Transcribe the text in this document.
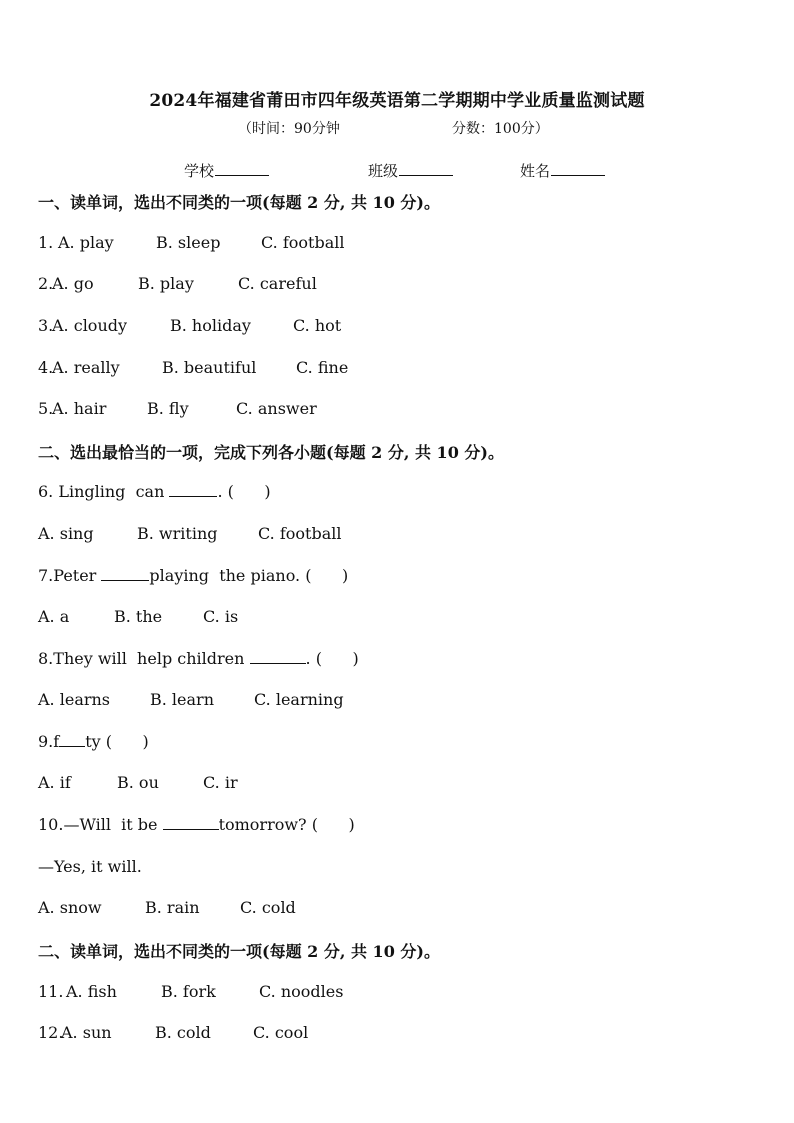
2024年福建省莆田市四年级英语第二学期期中学业质量监测试题
（时间：90分钟	分数：100分）
学校	班级	姓名
一、读单词，选出不同类的一项(每题 2 分, 共 10 分)。
1. A. play	B. sleep	C. football
2.
A. go	B. play	C. careful
3.
A. cloudy	B. holiday	C. hot
4.
A. really	B. beautiful C. fine
5.
A. hair	B. fly	C. answer
二、选出最恰当的一项，完成下列各小题(每题 2 分, 共 10 分)。
6. Lingling  can	. (      )
A. sing	B. writing	C. football
7.Peter	playing  the piano. (      )
A. a	B. the	C. is
8.They will  help children	. (      )
A. learns B. learn C. learning
9.f ty (      )
A. if	B. ou	C. ir
10.—Will  it be	tomorrow? (      )
—Yes, it will.
A. snow	B. rain	C. cold
二、读单词，选出不同类的一项(每题 2 分, 共 10 分)。
11.
A. fish	B. fork	C. noodles
12.
A. sun	B. cold	C. cool
